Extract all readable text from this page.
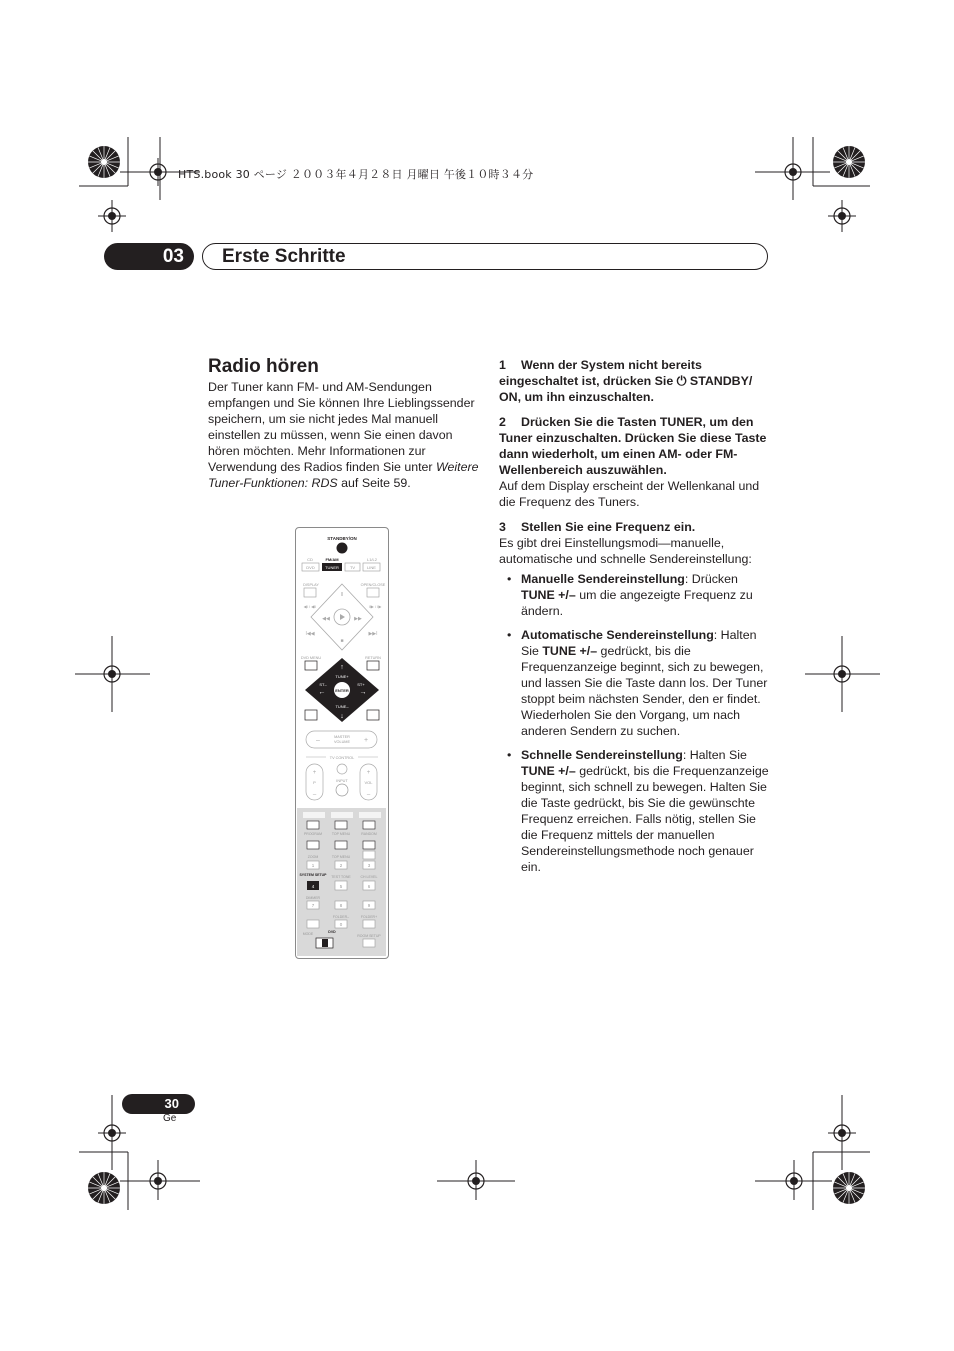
HTS.book 30 ページ ２００３年４月２８日 月曜日 午後１０時３４分
03	Erste Schritte
Radio hören
Der Tuner kann FM- und AM-Sendungen empfangen und Sie können Ihre Lieblingssender speichern, um sie nicht jedes Mal manuell einstellen zu müssen, wenn Sie einen davon hören möchten. Mehr Informationen zur Verwendung des Radios finden Sie unter Weitere Tuner-Funktionen: RDS auf Seite 59.
STANDBY/ON
CD	FM/AM	L1/L2
DVD	TUNER	TV	LINE
DISPLAY	OPEN/CLOSE
II
◀◀	▶▶
■
◀I / ◀II	II▶ / I▶
I◀◀	▶▶I
DVD MENU	RETURN
ENTER
↑
TUNE+
TUNE–
↓
ST–	ST+
←	→
–	+
MASTER
VOLUME
TV CONTROL
+
P
–
+
VOL
–
INPUT
PROGRAM	TOP MENU	RANDOM
ZOOM	TOP MENU
1	2	3
SYSTEM SETUP TEST TONE	CH LEVEL
4	5	6
DIMMER
7	8	9
FOLDER–	FOLDER+
0
MODE	DVD
ROOM SETUP

1 Wenn der System nicht bereits eingeschaltet ist, drücken Sie ⏻ STANDBY/ ON, um ihn einzuschalten.

2 Drücken Sie die Tasten TUNER, um den Tuner einzuschalten. Drücken Sie diese Taste dann wiederholt, um einen AM- oder FM-Wellenbereich auszuwählen.

Auf dem Display erscheint der Wellenkanal und die Frequenz des Tuners.

3 Stellen Sie eine Frequenz ein.

Es gibt drei Einstellungsmodi—manuelle, automatische und schnelle Sendereinstellung:

• Manuelle Sendereinstellung: Drücken TUNE +/– um die angezeigte Frequenz zu ändern.
• Automatische Sendereinstellung: Halten Sie TUNE +/– gedrückt, bis die Frequenzanzeige beginnt, sich zu bewegen, und lassen Sie die Taste dann los. Der Tuner stoppt beim nächsten Sender, den er findet. Wiederholen Sie den Vorgang, um nach anderen Sendern zu suchen.
• Schnelle Sendereinstellung: Halten Sie TUNE +/– gedrückt, bis die Frequenzanzeige beginnt, sich schnell zu bewegen. Halten Sie die Taste gedrückt, bis Sie die gewünschte Frequenz erreichen. Falls nötig, stellen Sie die Frequenz mittels der manuellen Sendereinstellungsmethode noch genauer ein.
30
Ge
